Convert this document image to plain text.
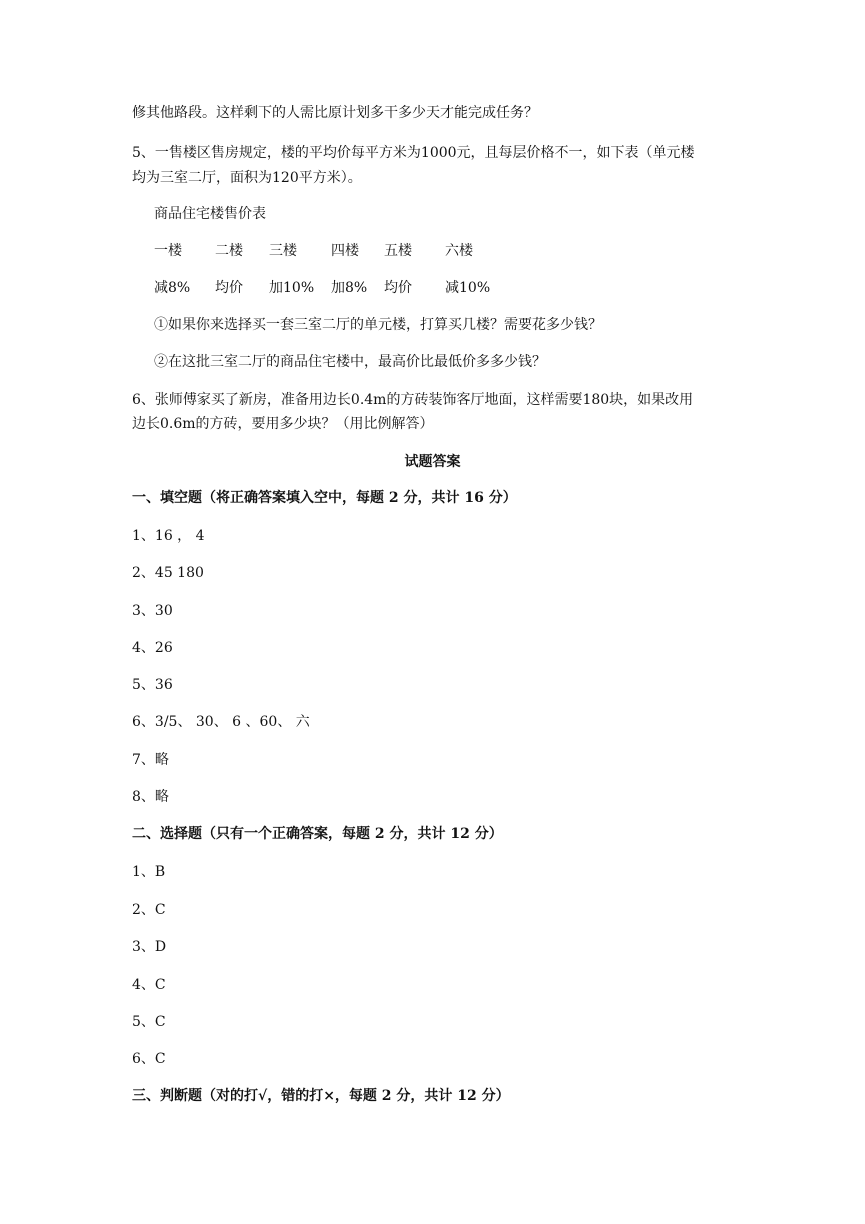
修其他路段。这样剩下的人需比原计划多干多少天才能完成任务？
5、一售楼区售房规定，楼的平均价每平方米为1000元，且每层价格不一，如下表（单元楼
均为三室二厅，面积为120平方米）。
商品住宅楼售价表
一楼 二楼 三楼 四楼 五楼 六楼
减8% 均价 加10% 加8% 均价 减10%
①如果你来选择买一套三室二厅的单元楼，打算买几楼？需要花多少钱？
②在这批三室二厅的商品住宅楼中，最高价比最低价多多少钱？
6、张师傅家买了新房，准备用边长0.4m的方砖装饰客厅地面，这样需要180块，如果改用
边长0.6m的方砖，要用多少块？（用比例解答）
试题答案
一、填空题（将正确答案填入空中，每题 2 分，共计 16 分）
1、16 ， 4
2、45 180
3、30
4、26
5、36
6、3/5、 30、 6 、60、 六
7、略
8、略
二、选择题（只有一个正确答案，每题 2 分，共计 12 分）
1、B
2、C
3、D
4、C
5、C
6、C
三、判断题（对的打√，错的打×，每题 2 分，共计 12 分）
